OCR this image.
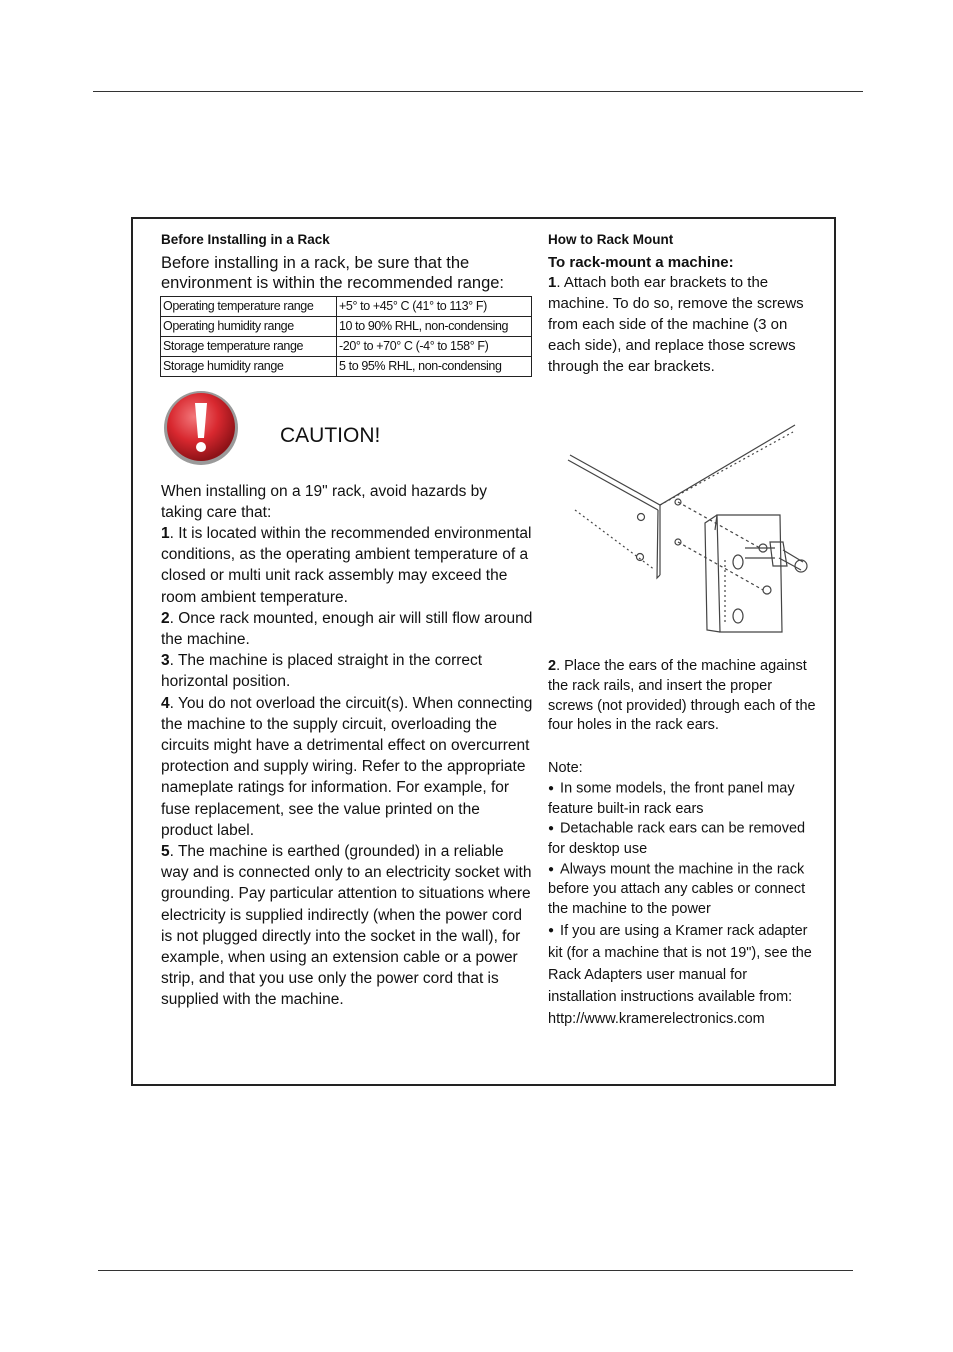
Before Installing in a Rack

Before installing in a rack, be sure that the environment is within the recommended range:

Operating temperature range	+5° to +45° C (41° to 113° F)
Operating humidity range	10 to 90% RHL, non-condensing
Storage temperature range	-20° to +70° C (-4° to 158° F)
Storage humidity range	5 to 95% RHL, non-condensing
CAUTION!

When installing on a 19" rack, avoid hazards by taking care that:

1. It is located within the recommended environmental conditions, as the operating ambient temperature of a closed or multi unit rack assembly may exceed the room ambient temperature.

2. Once rack mounted, enough air will still flow around the machine.

3. The machine is placed straight in the correct horizontal position.

4. You do not overload the circuit(s). When connecting the machine to the supply circuit, overloading the circuits might have a detrimental effect on overcurrent protection and supply wiring. Refer to the appropriate nameplate ratings for information. For example, for fuse replacement, see the value printed on the product label.

5. The machine is earthed (grounded) in a reliable way and is connected only to an electricity socket with grounding. Pay particular attention to situations where electricity is supplied indirectly (when the power cord is not plugged directly into the socket in the wall), for example, when using an extension cable or a power strip, and that you use only the power cord that is supplied with the machine.

How to Rack Mount
To rack-mount a machine:

1. Attach both ear brackets to the machine. To do so, remove the screws from each side of the machine (3 on each side), and replace those screws through the ear brackets.

2. Place the ears of the machine against the rack rails, and insert the proper screws (not provided) through each of the four holes in the rack ears.

Note:

● In some models, the front panel may feature built-in rack ears

● Detachable rack ears can be removed for desktop use

● Always mount the machine in the rack before you attach any cables or connect the machine to the power

● If you are using a Kramer rack adapter kit (for a machine that is not 19"), see the Rack Adapters user manual for installation instructions available from:

http://www.kramerelectronics.com
